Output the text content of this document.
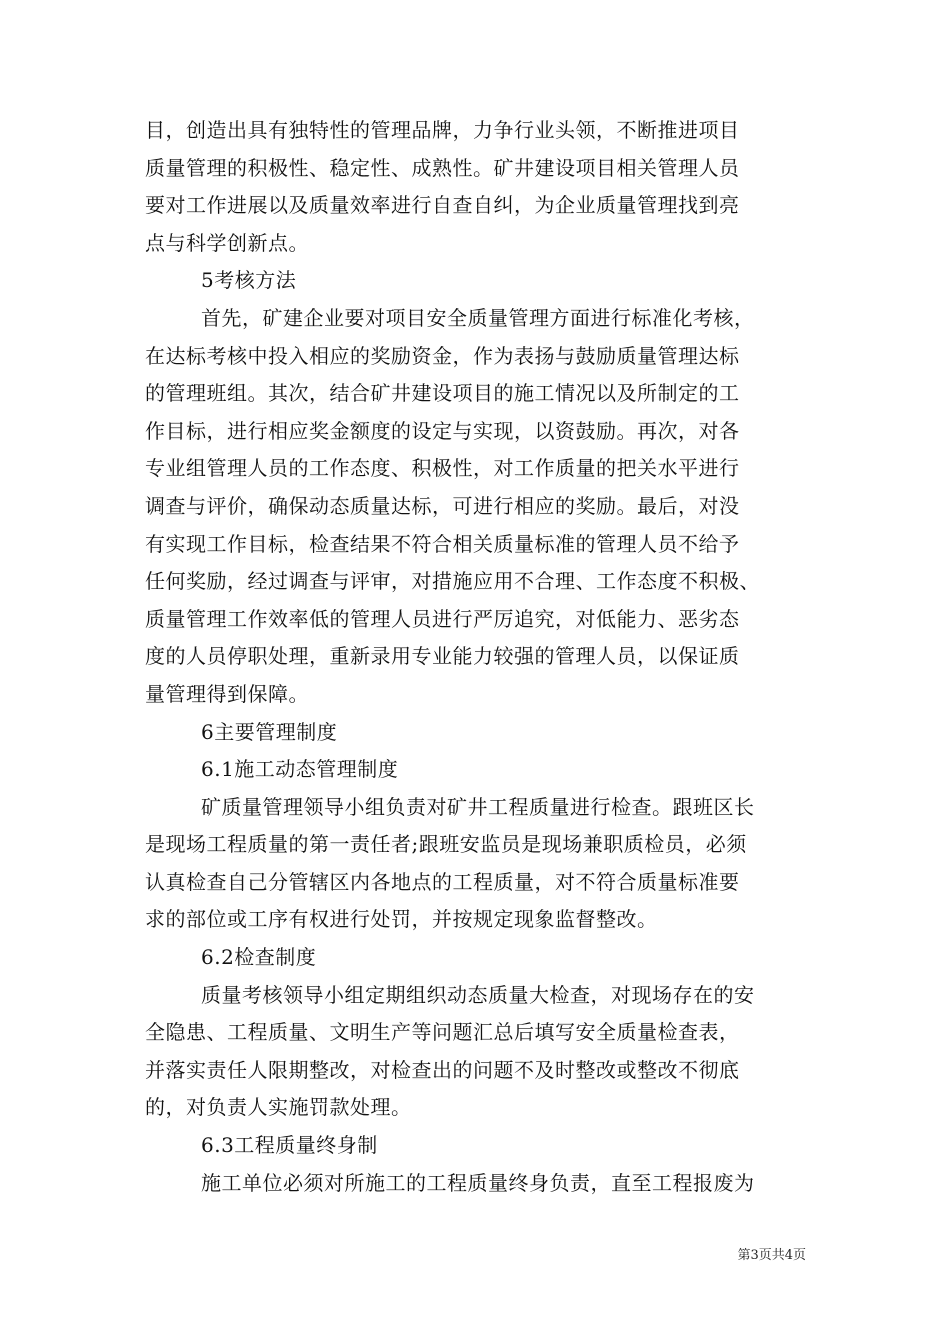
目，创造出具有独特性的管理品牌，力争行业头领，不断推进项目
质量管理的积极性、稳定性、成熟性。矿井建设项目相关管理人员
要对工作进展以及质量效率进行自查自纠，为企业质量管理找到亮
点与科学创新点。
5考核方法
首先，矿建企业要对项目安全质量管理方面进行标准化考核，
在达标考核中投入相应的奖励资金，作为表扬与鼓励质量管理达标
的管理班组。其次，结合矿井建设项目的施工情况以及所制定的工
作目标，进行相应奖金额度的设定与实现，以资鼓励。再次，对各
专业组管理人员的工作态度、积极性，对工作质量的把关水平进行
调查与评价，确保动态质量达标，可进行相应的奖励。最后，对没
有实现工作目标，检查结果不符合相关质量标准的管理人员不给予
任何奖励，经过调查与评审，对措施应用不合理、工作态度不积极、
质量管理工作效率低的管理人员进行严厉追究，对低能力、恶劣态
度的人员停职处理，重新录用专业能力较强的管理人员，以保证质
量管理得到保障。
6主要管理制度
6.1施工动态管理制度
矿质量管理领导小组负责对矿井工程质量进行检查。跟班区长
是现场工程质量的第一责任者;跟班安监员是现场兼职质检员，必须
认真检查自己分管辖区内各地点的工程质量，对不符合质量标准要
求的部位或工序有权进行处罚，并按规定现象监督整改。
6.2检查制度
质量考核领导小组定期组织动态质量大检查，对现场存在的安
全隐患、工程质量、文明生产等问题汇总后填写安全质量检查表，
并落实责任人限期整改，对检查出的问题不及时整改或整改不彻底
的，对负责人实施罚款处理。
6.3工程质量终身制
施工单位必须对所施工的工程质量终身负责，直至工程报废为
第3页共4页
